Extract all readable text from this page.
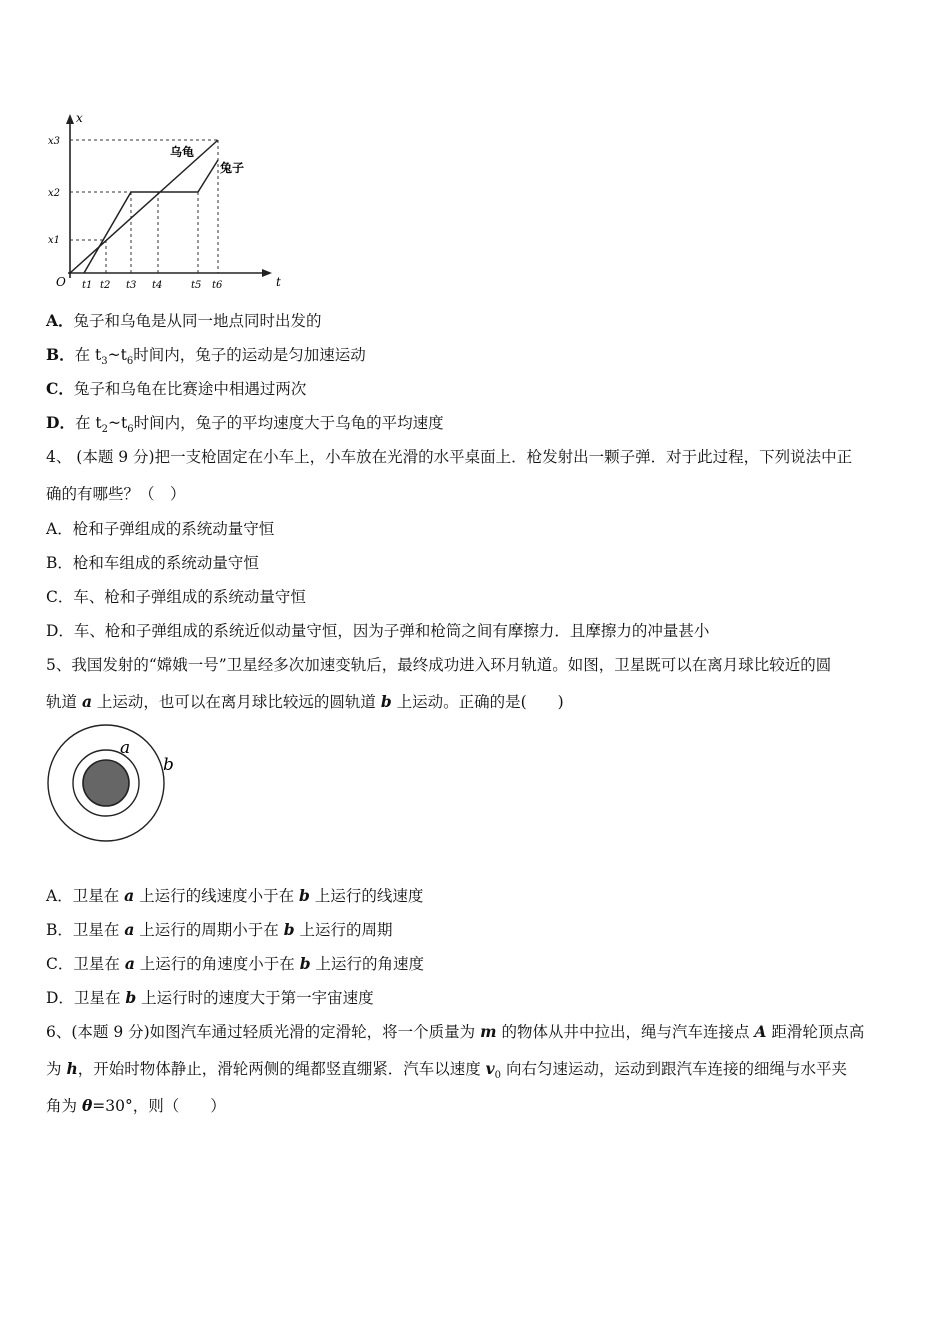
x
t
O
x3
x2
x1
乌龟
兔子
t1 t2 t3 t4	t5 t6
A．兔子和乌龟是从同一地点同时出发的
B．在 $t_3\sim t_6$时间内，兔子的运动是匀加速运动
C．兔子和乌龟在比赛途中相遇过两次
D．在 $t_2\sim t_6$时间内，兔子的平均速度大于乌龟的平均速度
4、 (本题 9 分)把一支枪固定在小车上，小车放在光滑的水平桌面上．枪发射出一颗子弹．对于此过程，下列说法中正
确的有哪些？（　）
A．枪和子弹组成的系统动量守恒
B．枪和车组成的系统动量守恒
C．车、枪和子弹组成的系统动量守恒
D．车、枪和子弹组成的系统近似动量守恒，因为子弹和枪筒之间有摩擦力．且摩擦力的冲量甚小
5、我国发射的“嫦娥一号”卫星经多次加速变轨后，最终成功进入环月轨道。如图，卫星既可以在离月球比较近的圆
轨道 a 上运动，也可以在离月球比较远的圆轨道 b 上运动。正确的是(　　)
a
b
A．卫星在 a 上运行的线速度小于在 b 上运行的线速度
B．卫星在 a 上运行的周期小于在 b 上运行的周期
C．卫星在 a 上运行的角速度小于在 b 上运行的角速度
D．卫星在 b 上运行时的速度大于第一宇宙速度
6、(本题 9 分)如图汽车通过轻质光滑的定滑轮，将一个质量为 m 的物体从井中拉出，绳与汽车连接点 A 距滑轮顶点高
为 h，开始时物体静止，滑轮两侧的绳都竖直绷紧．汽车以速度 $v_0$ 向右匀速运动，运动到跟汽车连接的细绳与水平夹
角为 θ=30°，则（　　）
